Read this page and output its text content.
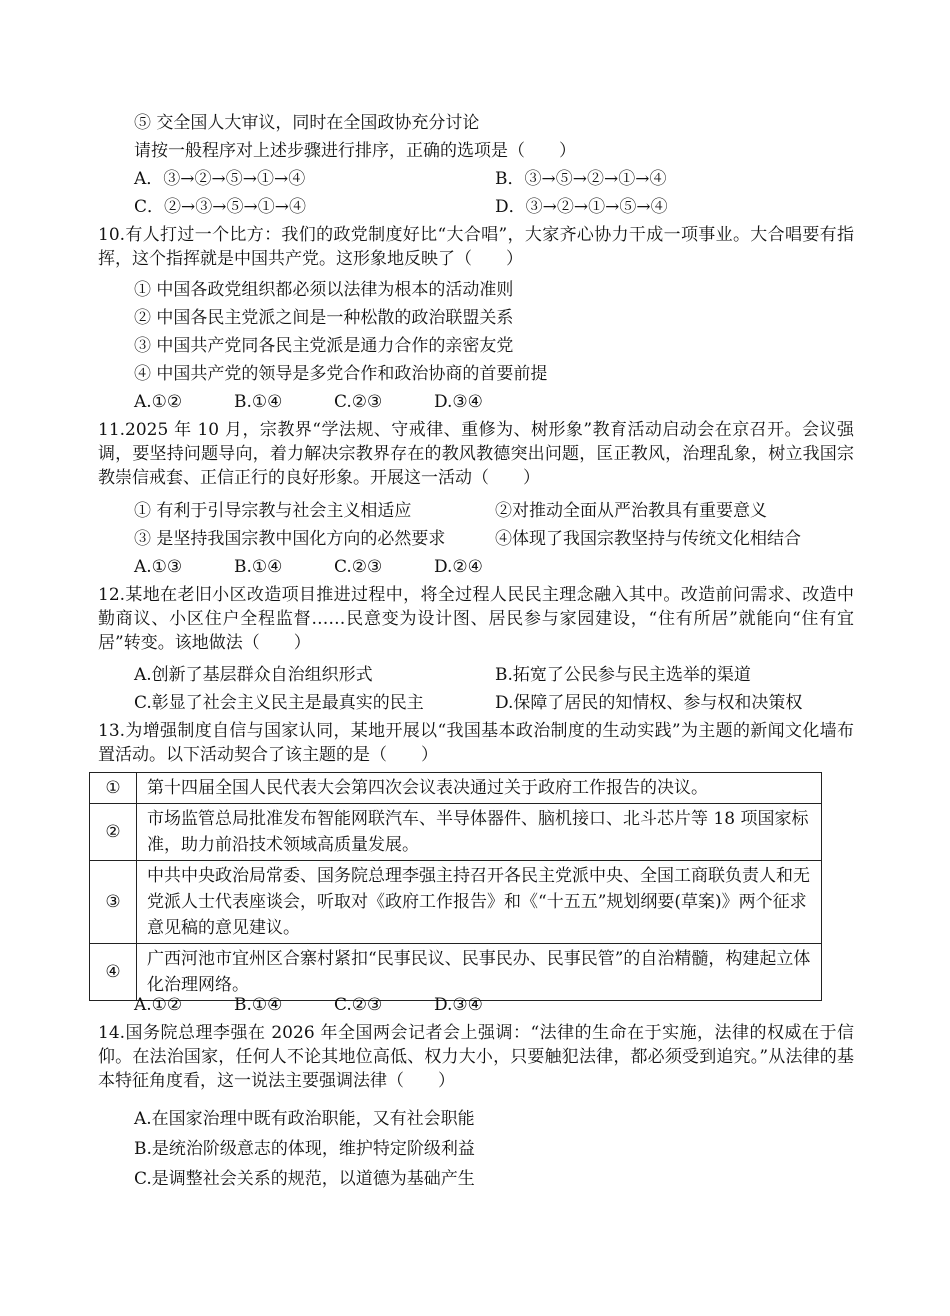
⑤ 交全国人大审议，同时在全国政协充分讨论
请按一般程序对上述步骤进行排序，正确的选项是（　　）
A．③→②→⑤→①→④	B．③→⑤→②→①→④
C．②→③→⑤→①→④	D．③→②→①→⑤→④
10.有人打过一个比方：我们的政党制度好比“大合唱”，大家齐心协力干成一项事业。大合唱要有指挥，这个指挥就是中国共产党。这形象地反映了（　　）
① 中国各政党组织都必须以法律为根本的活动准则
② 中国各民主党派之间是一种松散的政治联盟关系
③ 中国共产党同各民主党派是通力合作的亲密友党
④ 中国共产党的领导是多党合作和政治协商的首要前提
A.①②	B.①④	C.②③	D.③④
11.2025 年 10 月，宗教界“学法规、守戒律、重修为、树形象”教育活动启动会在京召开。会议强调，要坚持问题导向，着力解决宗教界存在的教风教德突出问题，匡正教风，治理乱象，树立我国宗教崇信戒套、正信正行的良好形象。开展这一活动（　　）
① 有利于引导宗教与社会主义相适应	②对推动全面从严治教具有重要意义
③ 是坚持我国宗教中国化方向的必然要求	④体现了我国宗教坚持与传统文化相结合
A.①③	B.①④	C.②③	D.②④
12.某地在老旧小区改造项目推进过程中，将全过程人民民主理念融入其中。改造前问需求、改造中勤商议、小区住户全程监督……民意变为设计图、居民参与家园建设，“住有所居”就能向“住有宜居”转变。该地做法（　　）
A.创新了基层群众自治组织形式	B.拓宽了公民参与民主选举的渠道
C.彰显了社会主义民主是最真实的民主	D.保障了居民的知情权、参与权和决策权
13.为增强制度自信与国家认同，某地开展以“我国基本政治制度的生动实践”为主题的新闻文化墙布置活动。以下活动契合了该主题的是（　　）
①	第十四届全国人民代表大会第四次会议表决通过关于政府工作报告的决议。
②	市场监管总局批准发布智能网联汽车、半导体器件、脑机接口、北斗芯片等 18 项国家标准，助力前沿技术领域高质量发展。
③	中共中央政治局常委、国务院总理李强主持召开各民主党派中央、全国工商联负责人和无党派人士代表座谈会，听取对《政府工作报告》和《“十五五”规划纲要(草案)》两个征求意见稿的意见建议。
④	广西河池市宜州区合寨村紧扣“民事民议、民事民办、民事民管”的自治精髓，构建起立体化治理网络。
A.①②	B.①④	C.②③	D.③④
14.国务院总理李强在 2026 年全国两会记者会上强调：“法律的生命在于实施，法律的权威在于信仰。在法治国家，任何人不论其地位高低、权力大小，只要触犯法律，都必须受到追究。”从法律的基本特征角度看，这一说法主要强调法律（　　）
A.在国家治理中既有政治职能，又有社会职能
B.是统治阶级意志的体现，维护特定阶级利益
C.是调整社会关系的规范，以道德为基础产生
